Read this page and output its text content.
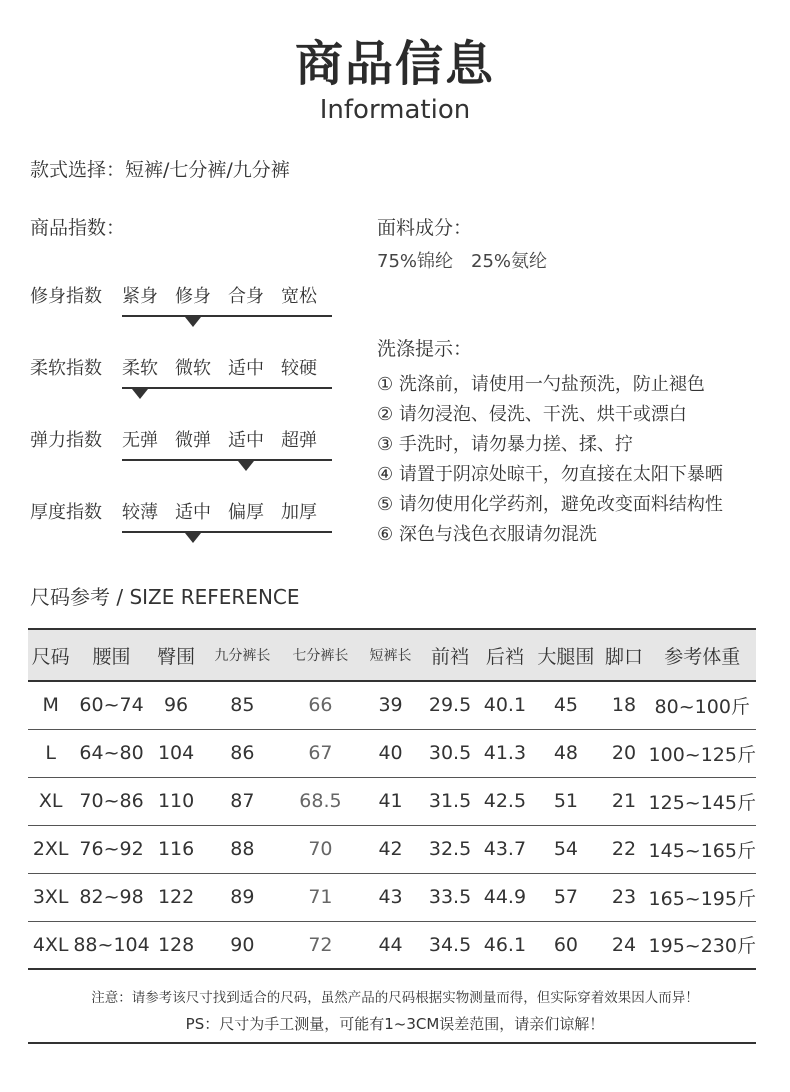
商品信息
Information
款式选择：短裤/七分裤/九分裤
商品指数：
修身指数 紧身 修身 合身 宽松
柔软指数 柔软 微软 适中 较硬
弹力指数 无弹 微弹 适中 超弹
厚度指数 较薄 适中 偏厚 加厚
面料成分：
75%锦纶 25%氨纶
洗涤提示：
① 洗涤前，请使用一勺盐预洗，防止褪色
② 请勿浸泡、侵洗、干洗、烘干或漂白
③ 手洗时，请勿暴力搓、揉、拧
④ 请置于阴凉处晾干，勿直接在太阳下暴晒
⑤ 请勿使用化学药剂，避免改变面料结构性
⑥ 深色与浅色衣服请勿混洗
尺码参考 / SIZE REFERENCE
尺码	腰围	臀围	九分裤长	七分裤长	短裤长	前裆	后裆	大腿围	脚口	参考体重
M	60~74	96	85	66	39	29.5	40.1	45	18	80~100斤
L	64~80	104	86	67	40	30.5	41.3	48	20	100~125斤
XL	70~86	110	87	68.5	41	31.5	42.5	51	21	125~145斤
2XL	76~92	116	88	70	42	32.5	43.7	54	22	145~165斤
3XL	82~98	122	89	71	43	33.5	44.9	57	23	165~195斤
4XL	88~104	128	90	72	44	34.5	46.1	60	24	195~230斤
注意：请参考该尺寸找到适合的尺码，虽然产品的尺码根据实物测量而得，但实际穿着效果因人而异！
PS：尺寸为手工测量，可能有1~3CM误差范围，请亲们谅解！
